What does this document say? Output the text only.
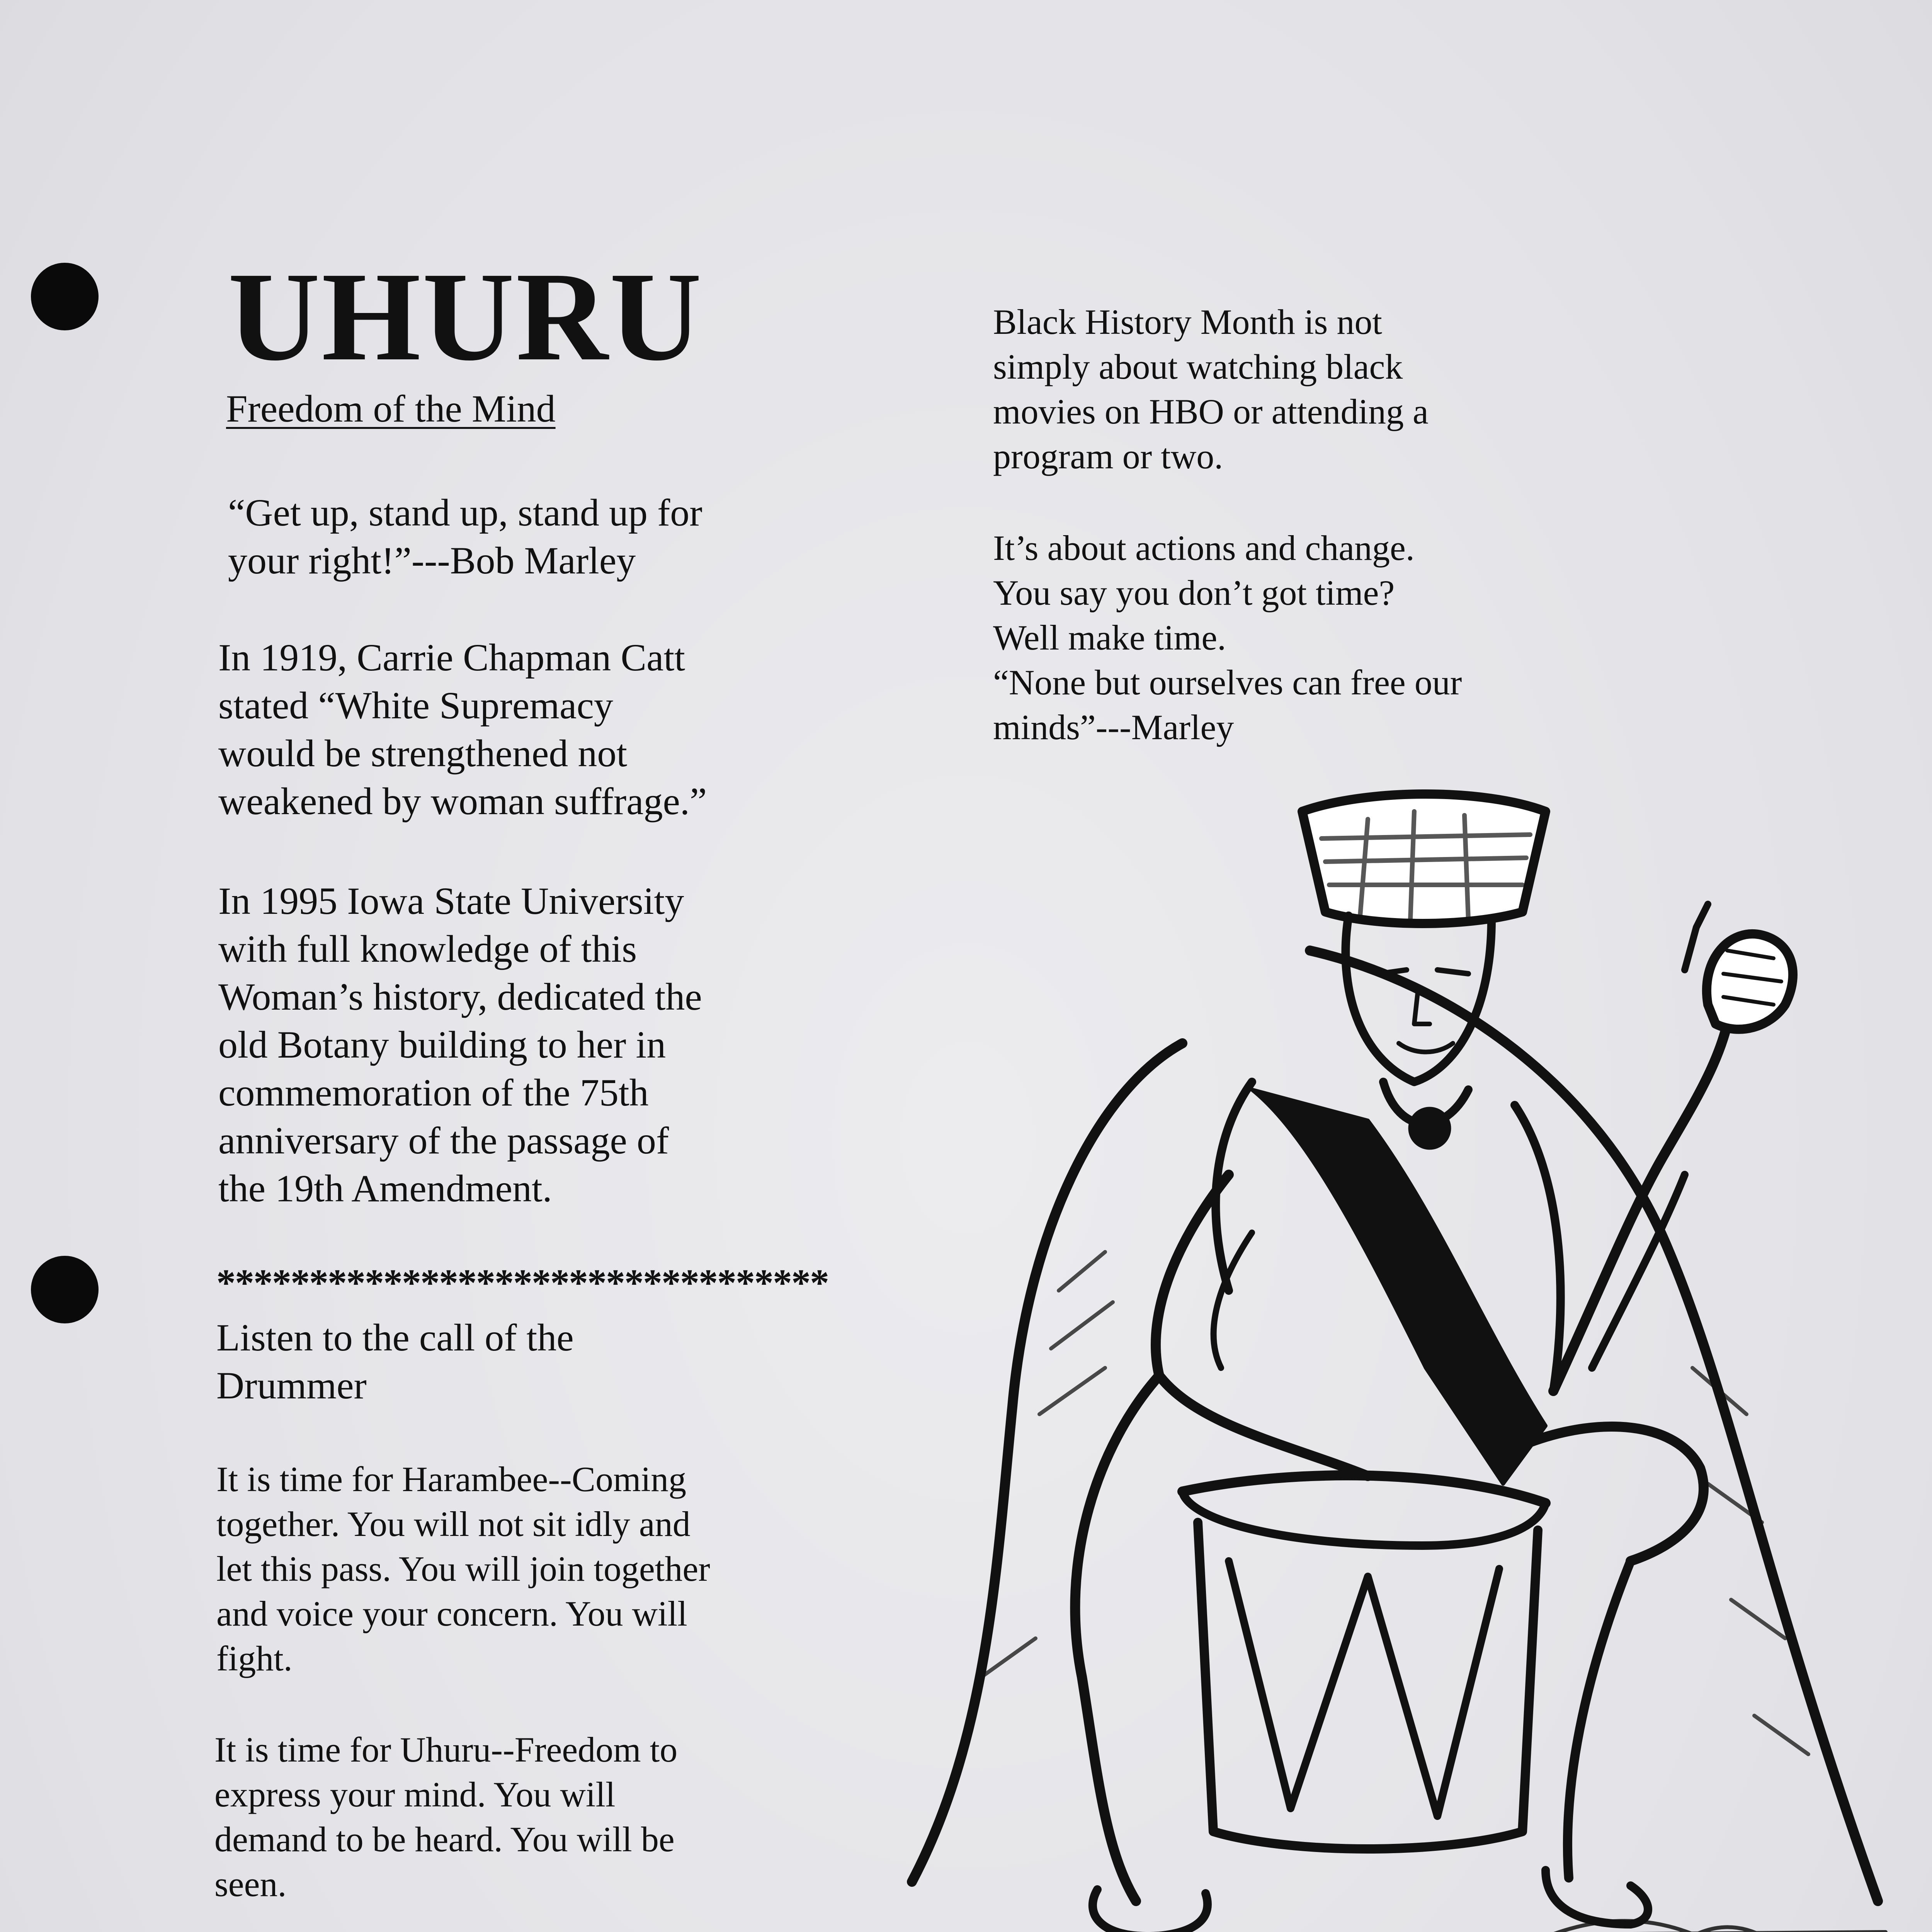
UHURU
Freedom of the Mind

“Get up, stand up, stand up for
your right!”---Bob Marley

In 1919, Carrie Chapman Catt
stated “White Supremacy
would be strengthened not
weakened by woman suffrage.”

In 1995 Iowa State University
with full knowledge of this
Woman’s history, dedicated the
old Botany building to her in
commemoration of the 75th
anniversary of the passage of
the 19th Amendment.

*********************************

Listen to the call of the
Drummer

It is time for Harambee--Coming
together. You will not sit idly and
let this pass. You will join together
and voice your concern. You will
fight.

It is time for Uhuru--Freedom to
express your mind. You will
demand to be heard. You will be
seen.

Black History Month is not
simply about watching black
movies on HBO or attending a
program or two.

It’s about actions and change.
You say you don’t got time?
Well make time.
“None but ourselves can free our
minds”---Marley
